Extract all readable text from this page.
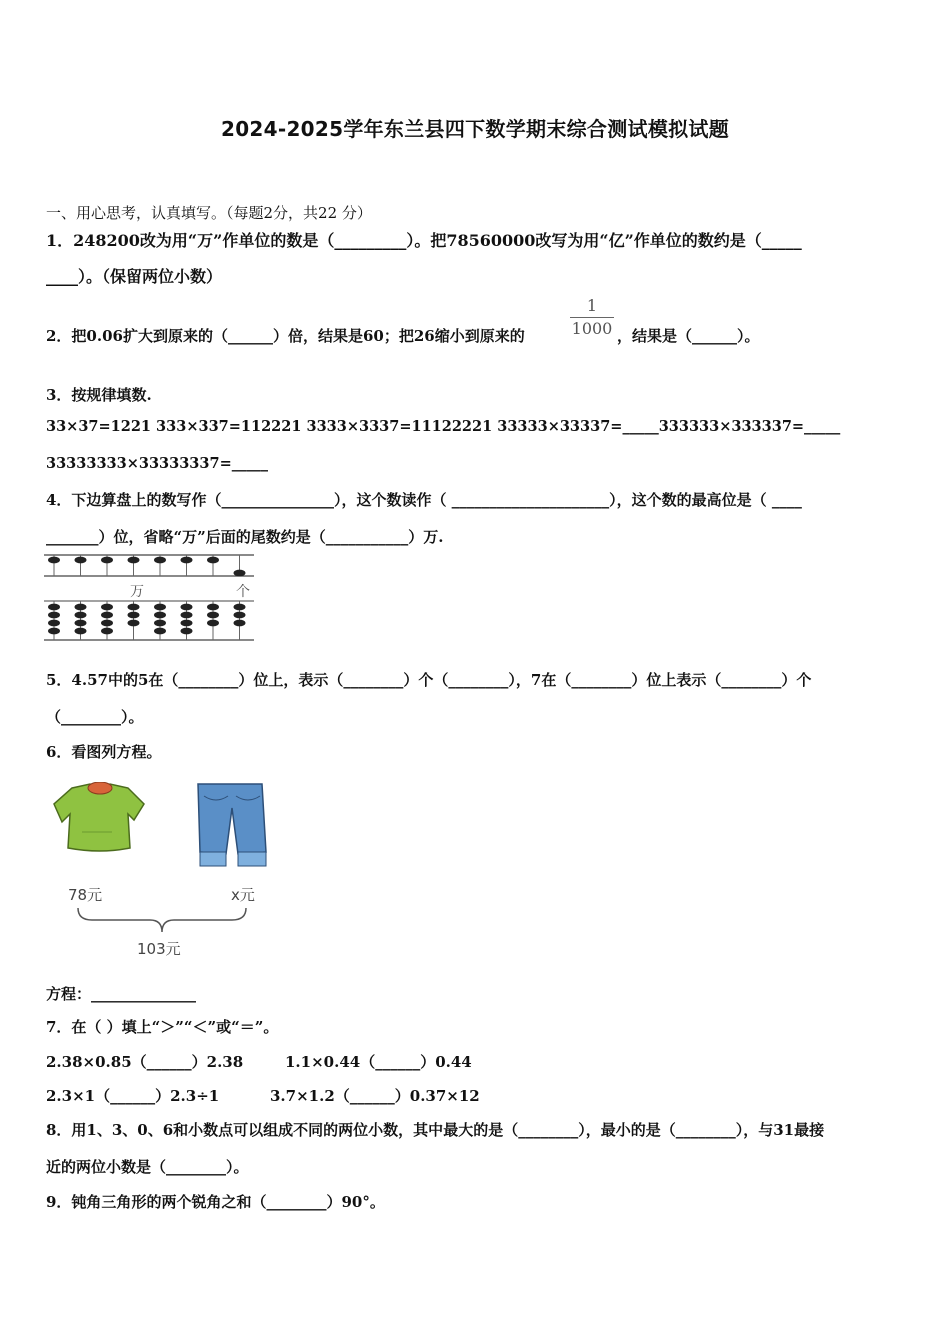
2024-2025学年东兰县四下数学期末综合测试模拟试题
一、用心思考，认真填写。（每题2分，共22 分）
1．248200改为用“万”作单位的数是（_________）。把78560000改写为用“亿”作单位的数约是（_____
____）。（保留两位小数）
2．把0.06扩大到原来的（______）倍，结果是60；把26缩小到原来的
1
1000 ，结果是（______）。
3．按规律填数.
33×37=1221 333×337=112221 3333×3337=11122221 33333×33337=_____333333×333337=_____
33333333×33333337=_____
4．下边算盘上的数写作（_______________），这个数读作（ _____________________），这个数的最高位是（ ____
_______）位，省略“万”后面的尾数约是（___________）万.
万	个
5．4.57中的5在（________）位上，表示（________）个（________），7在（________）位上表示（________）个
（________）。
6．看图列方程。
78元	x元
103元
方程：______________
7．在（ ）填上“＞”“＜”或“＝”。
2.38×0.85（______）2.38	1.1×0.44（______）0.44
2.3×1（______）2.3÷1	3.7×1.2（______）0.37×12
8．用1、3、0、6和小数点可以组成不同的两位小数，其中最大的是（________），最小的是（________），与31最接
近的两位小数是（________）。
9．钝角三角形的两个锐角之和（________）90°。
